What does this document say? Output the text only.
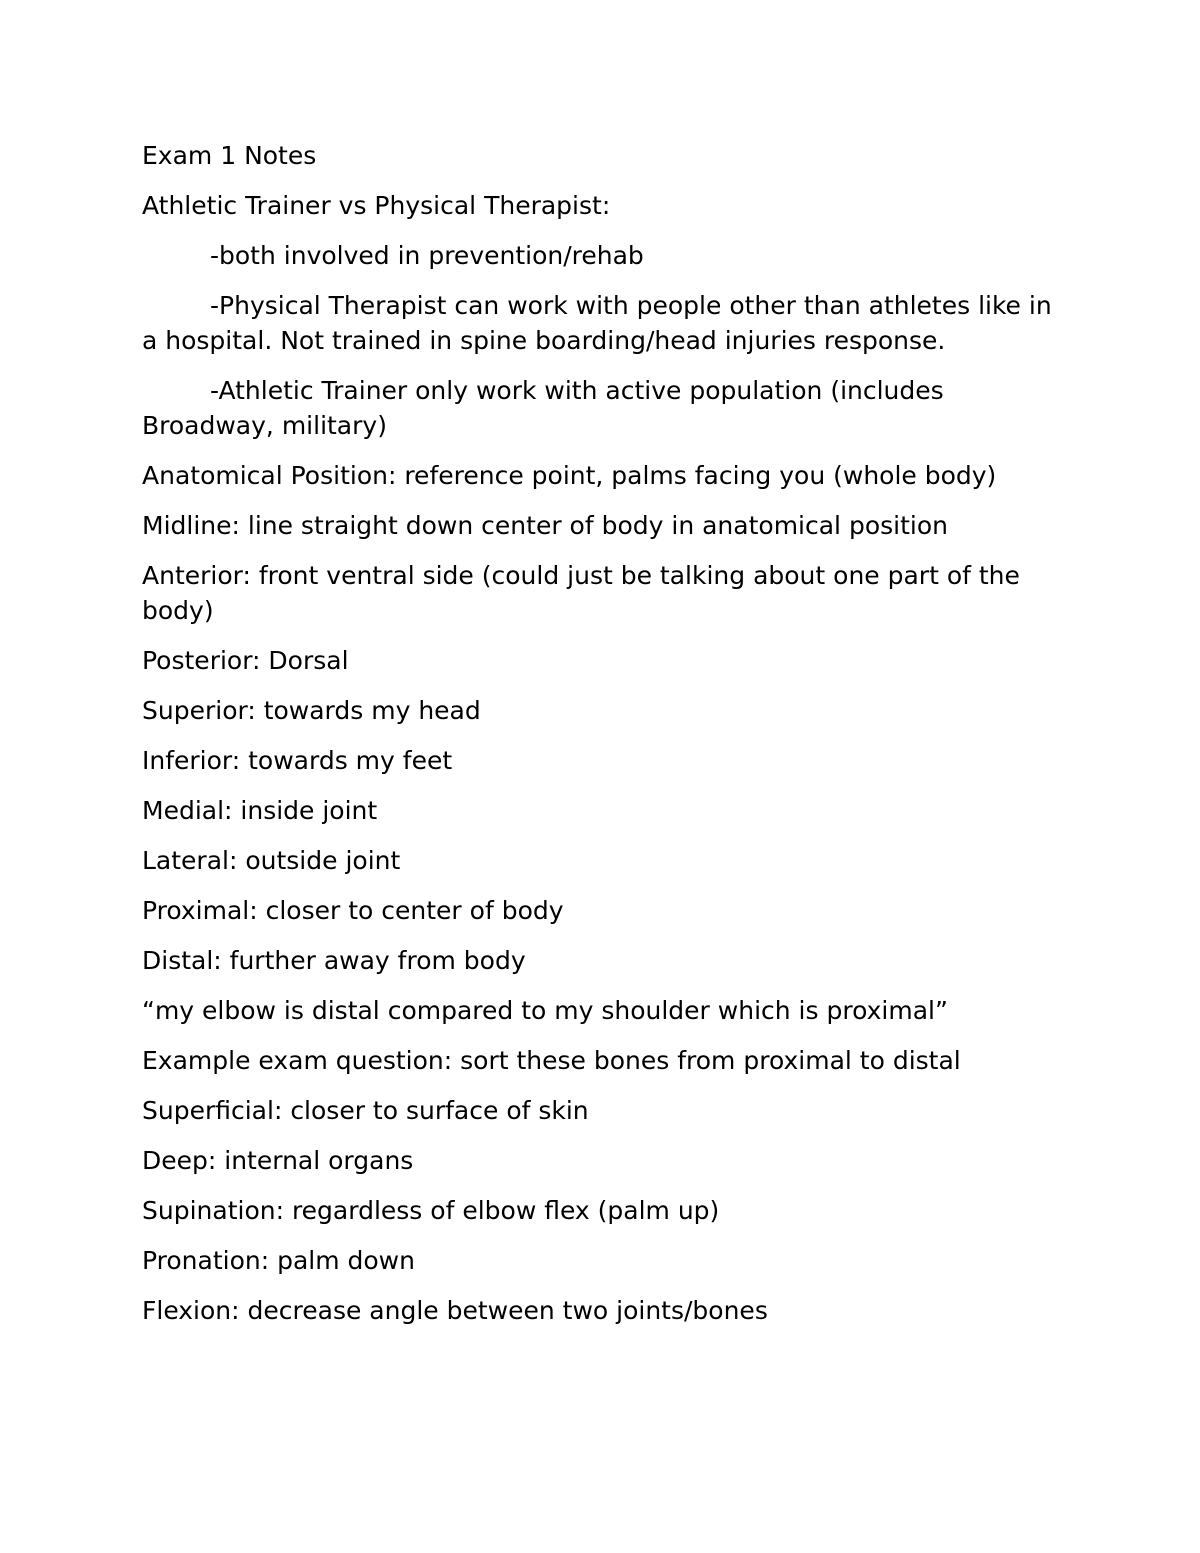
Exam 1 Notes

Athletic Trainer vs Physical Therapist:

-both involved in prevention/rehab

-Physical Therapist can work with people other than athletes like in a hospital. Not trained in spine boarding/head injuries response.

-Athletic Trainer only work with active population (includes Broadway, military)

Anatomical Position: reference point, palms facing you (whole body)

Midline: line straight down center of body in anatomical position

Anterior: front ventral side (could just be talking about one part of the body)

Posterior: Dorsal

Superior: towards my head

Inferior: towards my feet

Medial: inside joint

Lateral: outside joint

Proximal: closer to center of body

Distal: further away from body

“my elbow is distal compared to my shoulder which is proximal”

Example exam question: sort these bones from proximal to distal

Superficial: closer to surface of skin

Deep: internal organs

Supination: regardless of elbow flex (palm up)

Pronation: palm down

Flexion: decrease angle between two joints/bones
